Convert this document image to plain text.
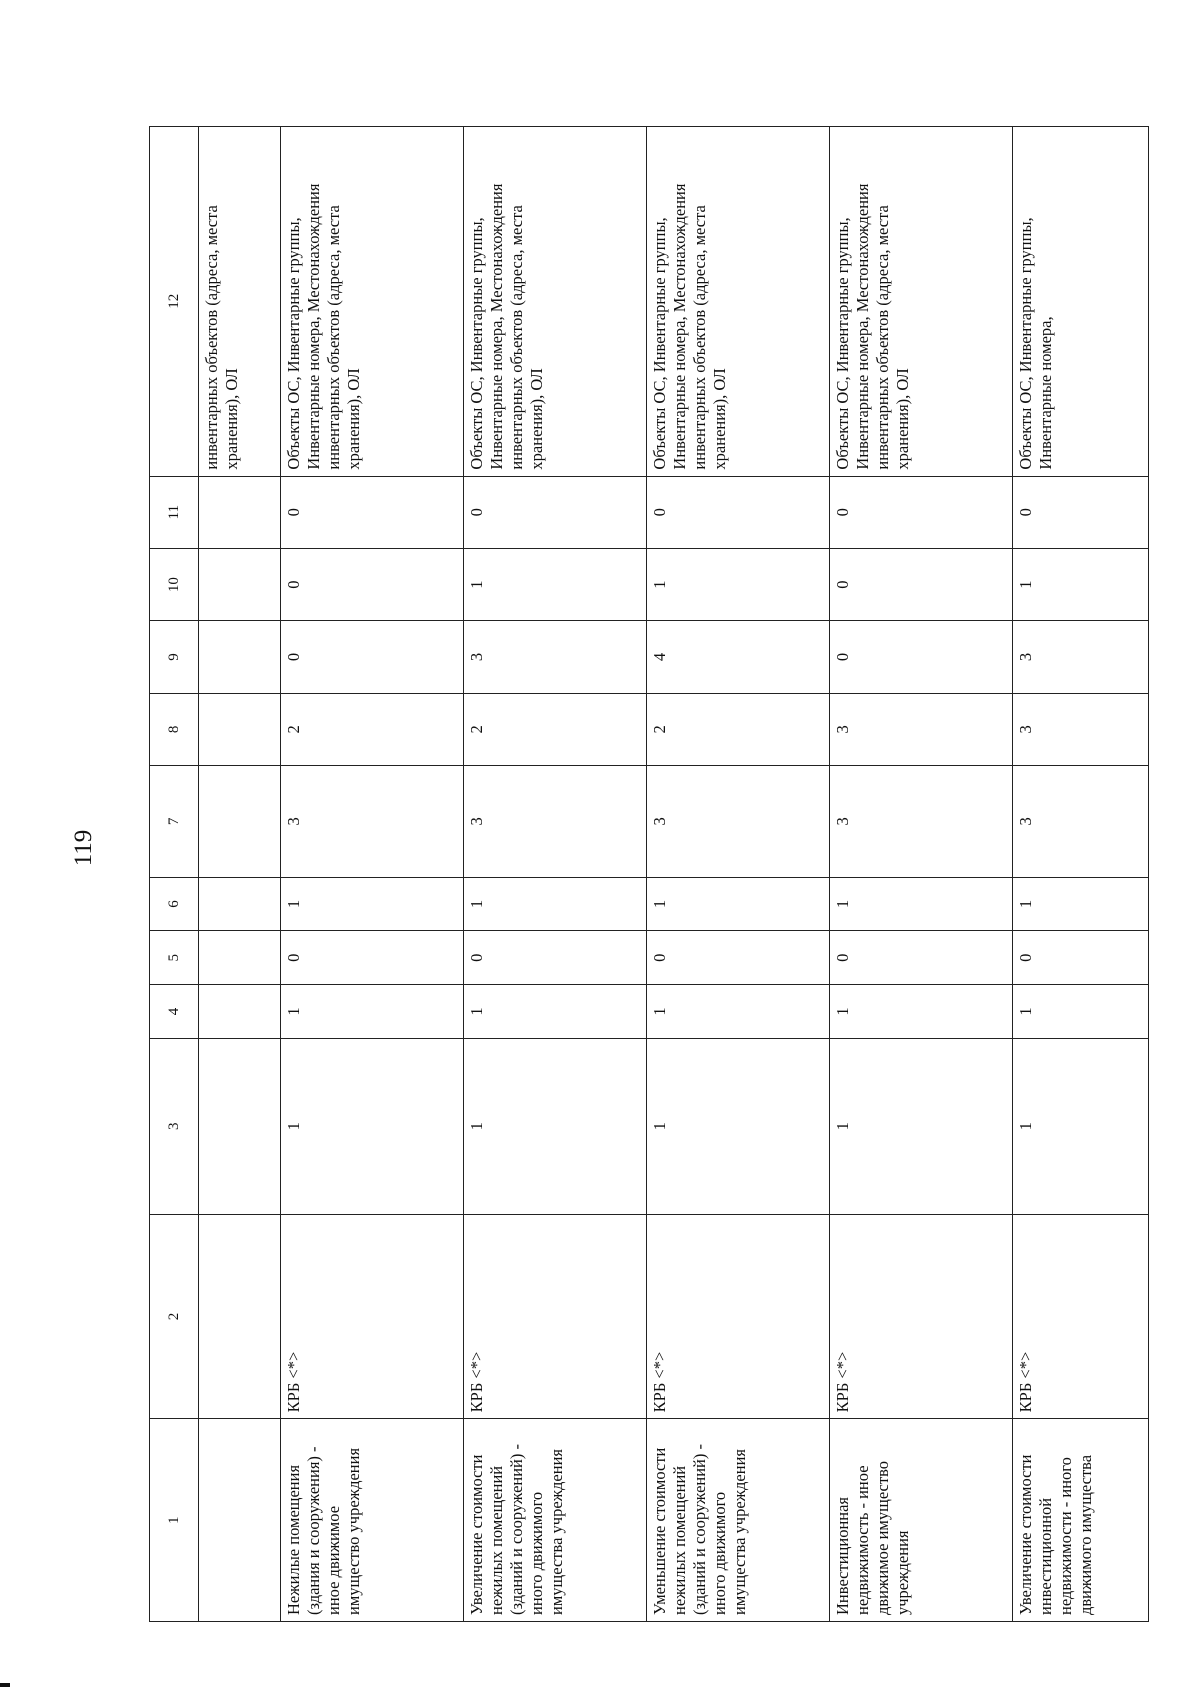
119
1	2	3	4	5	6	7	8	9	10	11	12
											инвентарных объектов (адреса, места хранения), ОЛ
Нежилые помещения (здания и сооружения) - иное движимое имущество учреждения	КРБ <*>	1	1	0	1	3	2	0	0	0	Объекты ОС, Инвентарные группы, Инвентарные номера, Местонахождения инвентарных объектов (адреса, места хранения), ОЛ
Увеличение стоимости нежилых помещений (зданий и сооружений) - иного движимого имущества учреждения	КРБ <*>	1	1	0	1	3	2	3	1	0	Объекты ОС, Инвентарные группы, Инвентарные номера, Местонахождения инвентарных объектов (адреса, места хранения), ОЛ
Уменьшение стоимости нежилых помещений (зданий и сооружений) - иного движимого имущества учреждения	КРБ <*>	1	1	0	1	3	2	4	1	0	Объекты ОС, Инвентарные группы, Инвентарные номера, Местонахождения инвентарных объектов (адреса, места хранения), ОЛ
Инвестиционная недвижимость - иное движимое имущество учреждения	КРБ <*>	1	1	0	1	3	3	0	0	0	Объекты ОС, Инвентарные группы, Инвентарные номера, Местонахождения инвентарных объектов (адреса, места хранения), ОЛ
Увеличение стоимости инвестиционной недвижимости - иного движимого имущества	КРБ <*>	1	1	0	1	3	3	3	1	0	Объекты ОС, Инвентарные группы, Инвентарные номера,
